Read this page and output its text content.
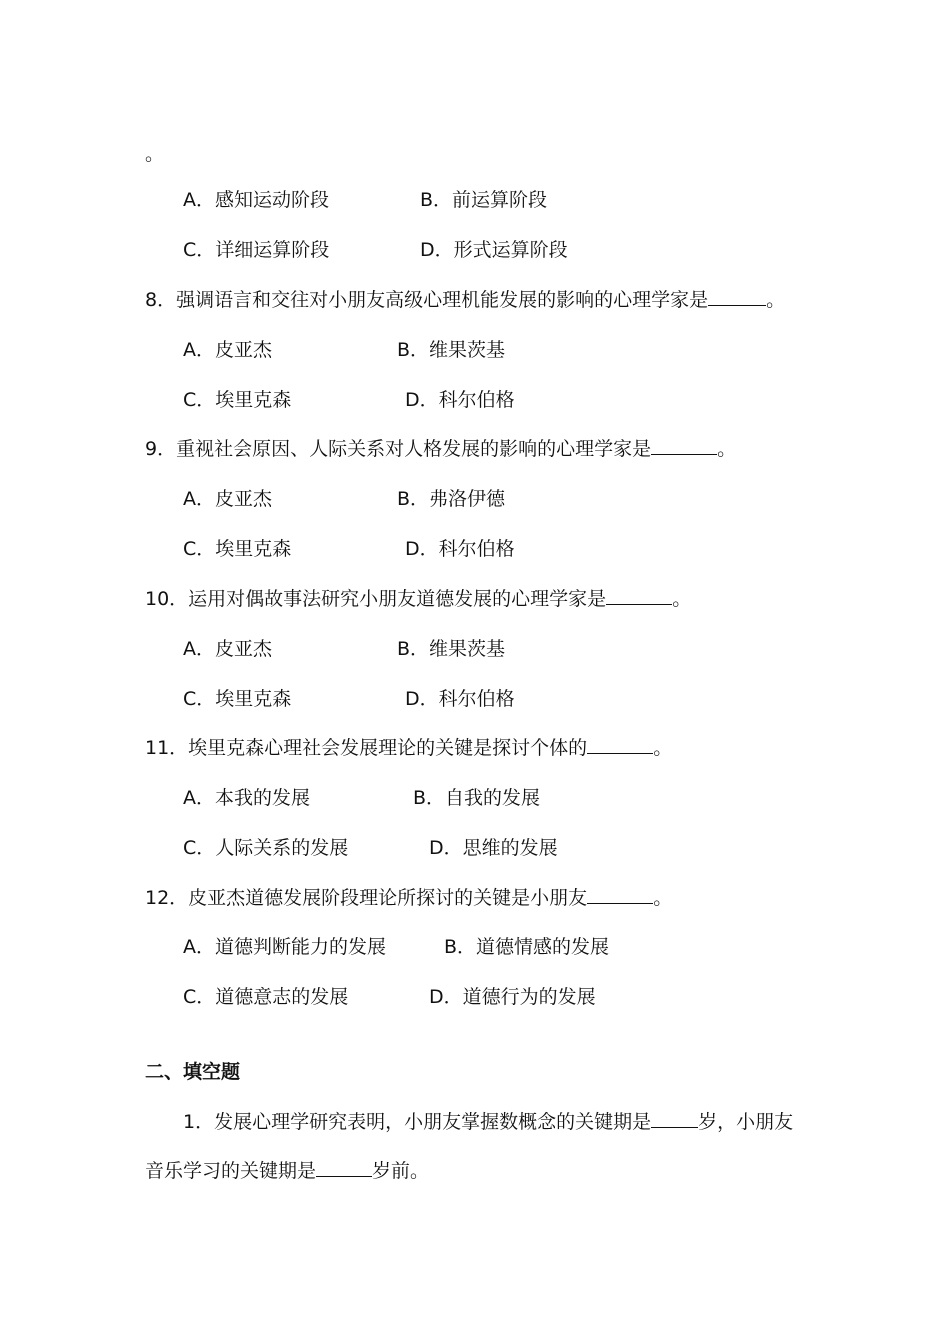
。
A．感知运动阶段	B．前运算阶段
C．详细运算阶段	D．形式运算阶段
8．强调语言和交往对小朋友高级心理机能发展的影响的心理学家是	。
A．皮亚杰	B．维果茨基
C．埃里克森	D．科尔伯格
9．重视社会原因、人际关系对人格发展的影响的心理学家是	。
A．皮亚杰	B．弗洛伊德
C．埃里克森	D．科尔伯格
10．运用对偶故事法研究小朋友道德发展的心理学家是	。
A．皮亚杰	B．维果茨基
C．埃里克森	D．科尔伯格
11．埃里克森心理社会发展理论的关键是探讨个体的	。
A．本我的发展	B．自我的发展
C．人际关系的发展	D．思维的发展
12．皮亚杰道德发展阶段理论所探讨的关键是小朋友	。
A．道德判断能力的发展	B．道德情感的发展
C．道德意志的发展	D．道德行为的发展
二、填空题
1．发展心理学研究表明，小朋友掌握数概念的关键期是 岁，小朋友
音乐学习的关键期是	岁前。
